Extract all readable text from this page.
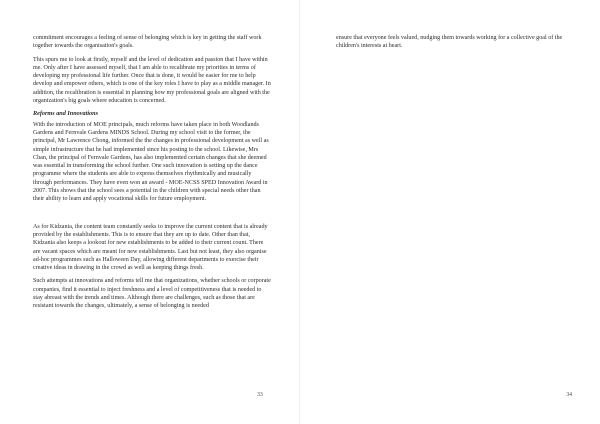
commitment encourages a feeling of sense of belonging which is key in getting the staff work together towards the organisation's goals.

This spurs me to look at firstly, myself and the level of dedication and passion that I have within me. Only after I have assessed myself, that I am able to recalibrate my priorities in terms of developing my professional life further. Once that is done, it would be easier for me to help develop and empower others, which is one of the key roles I have to play as a middle manager. In addition, the recalibration is essential in planning how my professional goals are aligned with the organization's big goals where education is concerned.

Reforms and Innovations

With the introduction of MOE principals, much reforms have taken place in both Woodlands Gardens and Fernvale Gardens MINDS School. During my school visit to the former, the principal, Mr Lawrence Chong, informed the the changes in professional development as well as simple infrastructure that he had implemented since his posting to the school. Likewise, Mrs Chan, the principal of Fernvale Gardens, has also implemented certain changes that she deemed was essential in transforming the school further. One such innovation is setting up the dance programme where the students are able to express themselves rhythmically and musically through performances. They have even won an award - MOE-NCSS SPED Innovation Award in 2007. This shows that the school sees a potential in the children with special needs other than their ability to learn and apply vocational skills for future employment.

As for Kidzania, the content team constantly seeks to improve the current content that is already provided by the establishments. This is to ensure that they are up to date. Other than that, Kidzania also keeps a lookout for new establishments to be added to their current count. There are vacant spaces which are meant for new establishments. Last but not least, they also organise ad-hoc programmes such as Halloween Day, allowing different departments to exercise their creative ideas in drawing in the crowd as well as keeping things fresh.

Such attempts at innovations and reforms tell me that organizations, whether schools or corporate companies, find it essential to inject freshness and a level of competitiveness that is needed to stay abreast with the trends and times. Although there are challenges, such as those that are resistant towards the changes, ultimately, a sense of belonging is needed

33

ensure that everyone feels valued, nudging them towards working for a collective goal of the children's interests at heart.

34
